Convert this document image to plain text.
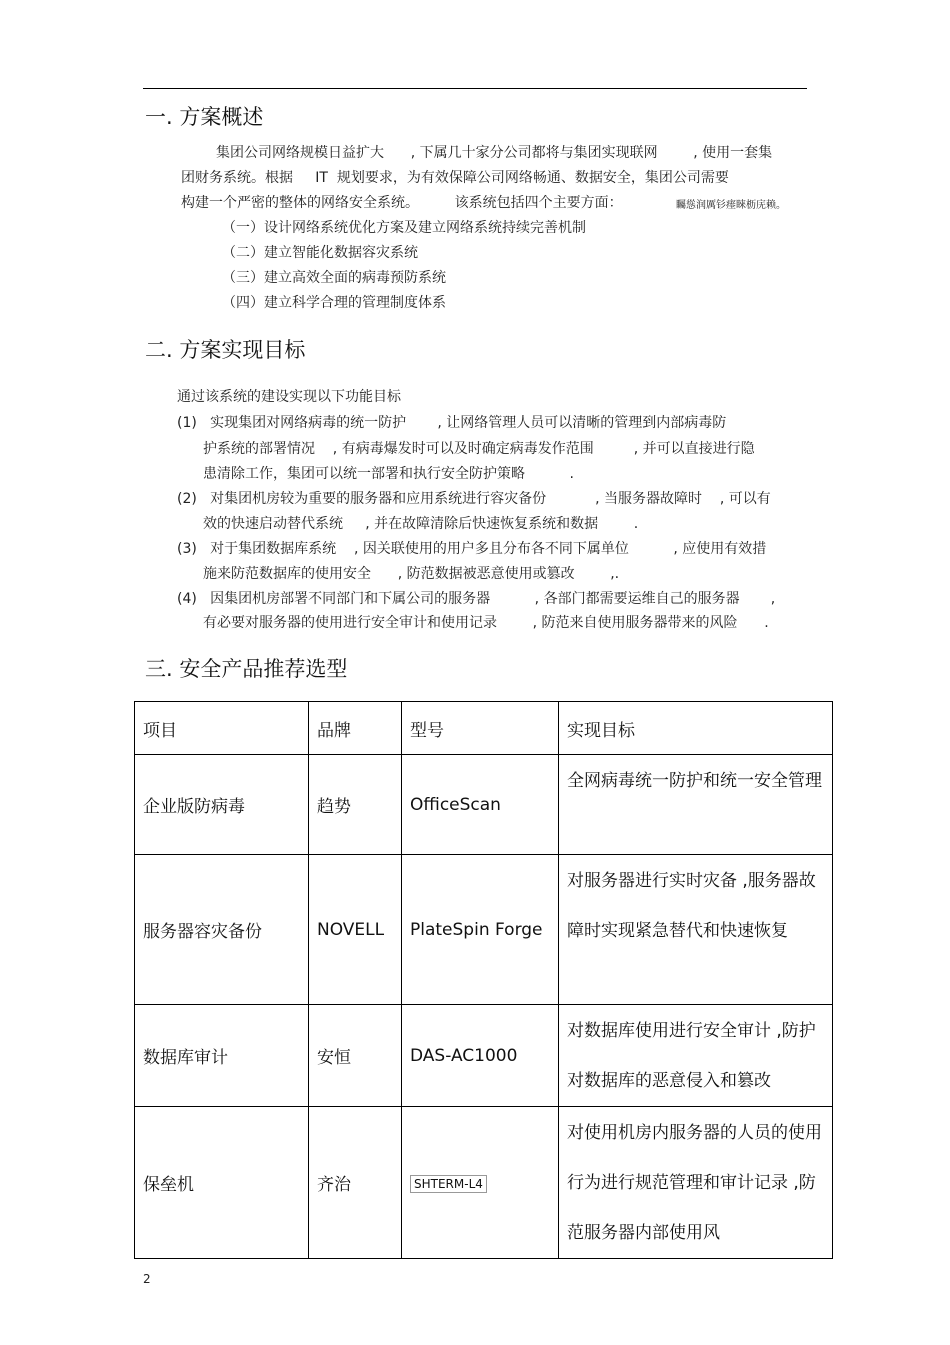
一. 方案概述
集团公司网络规模日益扩大      , 下属几十家分公司都将与集团实现联网        , 使用一套集
团财务系统。根据     IT  规划要求，为有效保障公司网络畅通、数据安全，集团公司需要
构建一个严密的整体的网络安全系统。        该系统包括四个主要方面：	矚慫润厲钐瘗睞枥庑赖。
（一）设计网络系统优化方案及建立网络系统持续完善机制
（二）建立智能化数据容灾系统
（三）建立高效全面的病毒预防系统
（四）建立科学合理的管理制度体系
二. 方案实现目标
通过该系统的建设实现以下功能目标
(1)   实现集团对网络病毒的统一防护       , 让网络管理人员可以清晰的管理到内部病毒防
护系统的部署情况    , 有病毒爆发时可以及时确定病毒发作范围         , 并可以直接进行隐
患清除工作，集团可以统一部署和执行安全防护策略          .
(2)   对集团机房较为重要的服务器和应用系统进行容灾备份           , 当服务器故障时    , 可以有
效的快速启动替代系统     , 并在故障清除后快速恢复系统和数据        .
(3)   对于集团数据库系统    , 因关联使用的用户多且分布各不同下属单位          , 应使用有效措
施来防范数据库的使用安全      , 防范数据被恶意使用或篡改        ,.
(4)   因集团机房部署不同部门和下属公司的服务器          , 各部门都需要运维自己的服务器       ,
有必要对服务器的使用进行安全审计和使用记录        , 防范来自使用服务器带来的风险      .
三. 安全产品推荐选型
项目	品牌	型号	实现目标
企业版防病毒	趋势	OfficeScan	全网病毒统一防护和统一安全管理
服务器容灾备份	NOVELL	PlateSpin Forge	对服务器进行实时灾备 ,服务器故障时实现紧急替代和快速恢复
数据库审计	安恒	DAS-AC1000	对数据库使用进行安全审计 ,防护对数据库的恶意侵入和篡改
保垒机	齐治	SHTERM-L4	对使用机房内服务器的人员的使用行为进行规范管理和审计记录 ,防范服务器内部使用风
2
